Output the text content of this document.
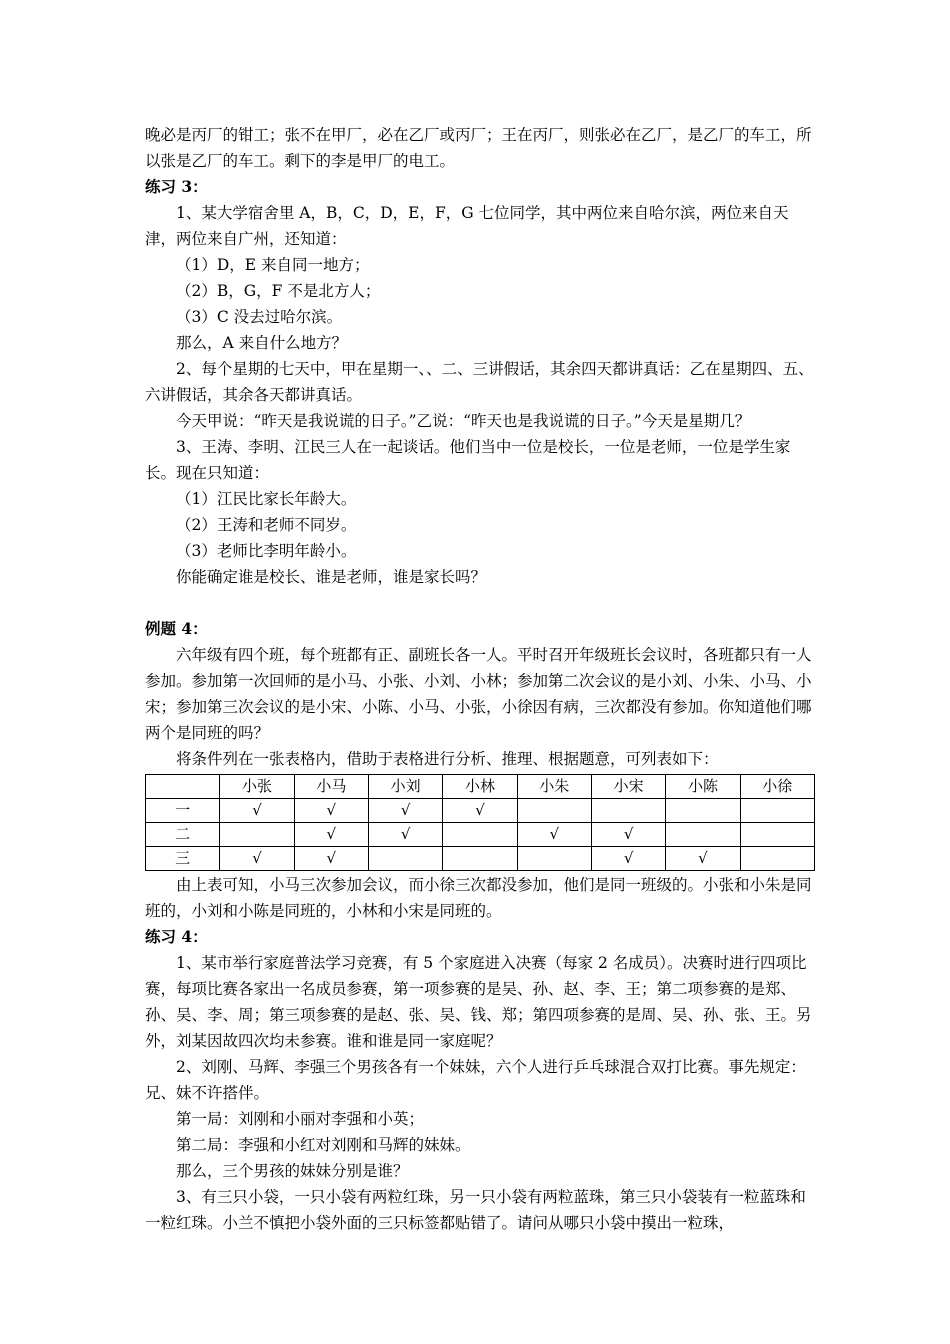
晚必是丙厂的钳工；张不在甲厂，必在乙厂或丙厂；王在丙厂，则张必在乙厂，是乙厂的车工，所以张是乙厂的车工。剩下的李是甲厂的电工。

练习 3：

1、某大学宿舍里 A，B，C，D，E，F，G 七位同学，其中两位来自哈尔滨，两位来自天津，两位来自广州，还知道：

（1）D，E 来自同一地方；

（2）B，G，F 不是北方人；

（3）C 没去过哈尔滨。

那么，A 来自什么地方？

2、每个星期的七天中，甲在星期一、、二、三讲假话，其余四天都讲真话：乙在星期四、五、六讲假话，其余各天都讲真话。

今天甲说：“昨天是我说谎的日子。”乙说：“昨天也是我说谎的日子。”今天是星期几？

3、王涛、李明、江民三人在一起谈话。他们当中一位是校长，一位是老师，一位是学生家长。现在只知道：

（1）江民比家长年龄大。

（2）王涛和老师不同岁。

（3）老师比李明年龄小。

你能确定谁是校长、谁是老师，谁是家长吗？

例题 4：

六年级有四个班，每个班都有正、副班长各一人。平时召开年级班长会议时，各班都只有一人参加。参加第一次回师的是小马、小张、小刘、小林；参加第二次会议的是小刘、小朱、小马、小宋；参加第三次会议的是小宋、小陈、小马、小张，小徐因有病，三次都没有参加。你知道他们哪两个是同班的吗？

将条件列在一张表格内，借助于表格进行分析、推理、根据题意，可列表如下：

	小张	小马	小刘	小林	小朱	小宋	小陈	小徐
一	√	√	√	√				
二		√	√		√	√		
三	√	√				√	√	

由上表可知，小马三次参加会议，而小徐三次都没参加，他们是同一班级的。小张和小朱是同班的，小刘和小陈是同班的，小林和小宋是同班的。

练习 4：

1、某市举行家庭普法学习竞赛，有 5 个家庭进入决赛（每家 2 名成员）。决赛时进行四项比赛，每项比赛各家出一名成员参赛，第一项参赛的是吴、孙、赵、李、王；第二项参赛的是郑、孙、吴、李、周；第三项参赛的是赵、张、吴、钱、郑；第四项参赛的是周、吴、孙、张、王。另外，刘某因故四次均未参赛。谁和谁是同一家庭呢？

2、刘刚、马辉、李强三个男孩各有一个妹妹，六个人进行乒乓球混合双打比赛。事先规定：兄、妹不许搭伴。

第一局：刘刚和小丽对李强和小英；

第二局：李强和小红对刘刚和马辉的妹妹。

那么，三个男孩的妹妹分别是谁？

3、有三只小袋，一只小袋有两粒红珠，另一只小袋有两粒蓝珠，第三只小袋装有一粒蓝珠和一粒红珠。小兰不慎把小袋外面的三只标签都贴错了。请问从哪只小袋中摸出一粒珠，
